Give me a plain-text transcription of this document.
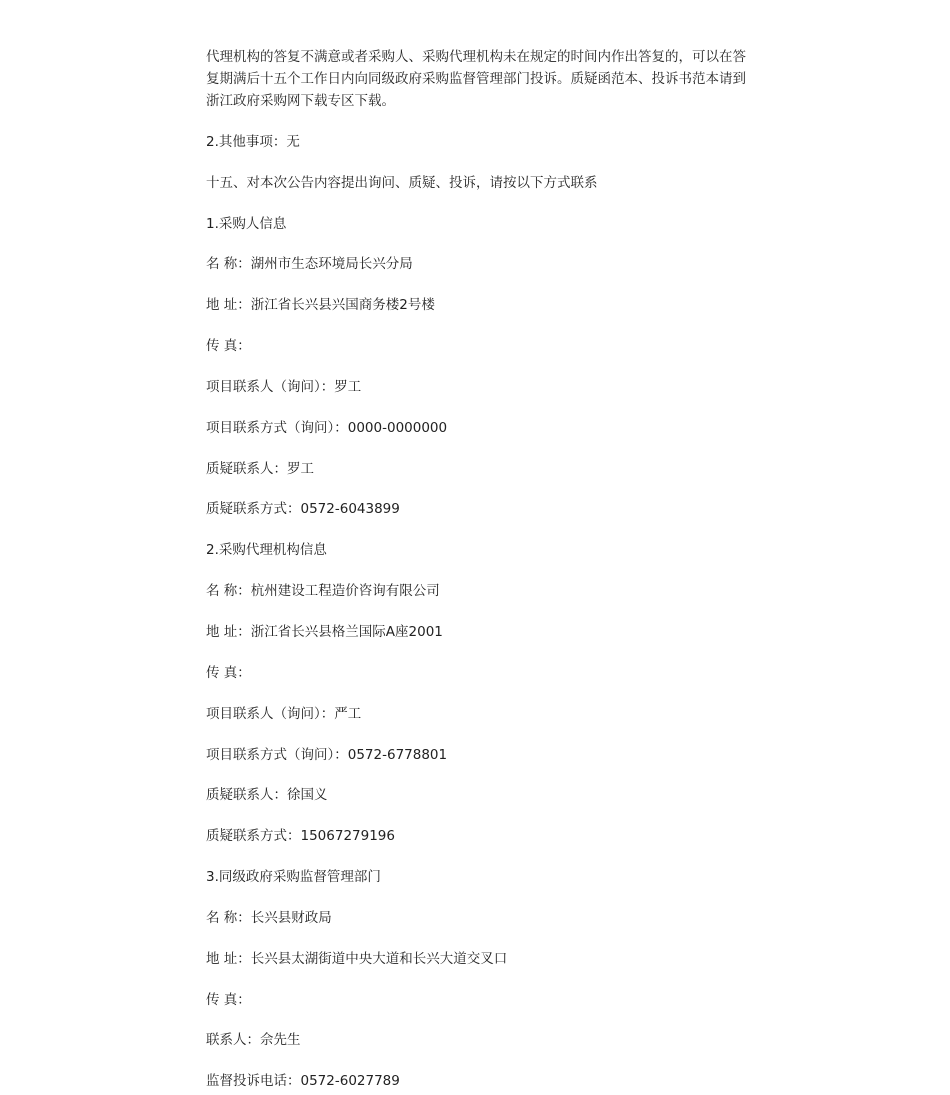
代理机构的答复不满意或者采购人、采购代理机构未在规定的时间内作出答复的，可以在答复期满后十五个工作日内向同级政府采购监督管理部门投诉。质疑函范本、投诉书范本请到浙江政府采购网下载专区下载。

2.其他事项：无
十五、对本次公告内容提出询问、质疑、投诉，请按以下方式联系
1.采购人信息
名 称：湖州市生态环境局长兴分局
地 址：浙江省长兴县兴国商务楼2号楼
传 真：
项目联系人（询问）：罗工
项目联系方式（询问）：0000-0000000
质疑联系人：罗工
质疑联系方式：0572-6043899
2.采购代理机构信息
名 称：杭州建设工程造价咨询有限公司
地 址：浙江省长兴县格兰国际A座2001
传 真：
项目联系人（询问）：严工
项目联系方式（询问）：0572-6778801
质疑联系人：徐国义
质疑联系方式：15067279196
3.同级政府采购监督管理部门
名 称：长兴县财政局
地 址：长兴县太湖街道中央大道和长兴大道交叉口
传 真：
联系人：佘先生
监督投诉电话：0572-6027789
